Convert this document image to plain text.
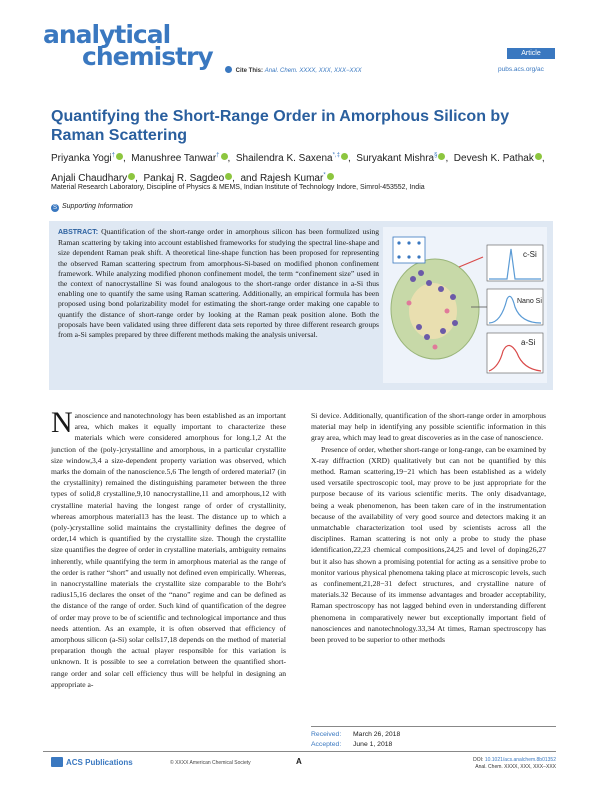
analytical
chemistry	Article
Cite This: Anal. Chem. XXXX, XXX, XXX−XXX	pubs.acs.org/ac
Quantifying the Short-Range Order in Amorphous Silicon by Raman Scattering
Priyanka Yogi† ,  Manushree Tanwar† ,  Shailendra K. Saxena*,‡ ,  Suryakant Mishra§ ,  Devesh K. Pathak ,
Anjali Chaudhary ,  Pankaj R. Sagdeo ,  and Rajesh Kumar*
Material Research Laboratory, Discipline of Physics & MEMS, Indian Institute of Technology Indore, Simrol-453552, India
S Supporting Information
ABSTRACT: Quantification of the short-range order in amorphous silicon has been formulized using Raman scattering by taking into account established frameworks for studying the spectral line-shape and size dependent Raman peak shift. A theoretical line-shape function has been proposed for representing the observed Raman scattering spectrum from amorphous-Si-based on modified phonon confinement framework. While analyzing modified phonon confinement model, the term “confinement size” used in the context of nanocrystalline Si was found analogous to the short-range order distance in a-Si thus enabling one to quantify the same using Raman scattering. Additionally, an empirical formula has been proposed using bond polarizability model for estimating the short-range order making one capable to quantify the distance of short-range order by looking at the Raman peak position alone. Both the proposals have been validated using three different data sets reported by three different research groups from a-Si samples prepared by three different methods making the analysis universal.
c-Si
Nano Si
a-Si

Nanoscience and nanotechnology has been established as an important area, which makes it equally important to characterize these materials which were considered amorphous for long.1,2 At the junction of the (poly-)crystalline and amorphous, in a particular crystallite size window,3,4 a size-dependent property variation was observed, which marks the domain of the nanoscience.5,6 The length of ordered material7 (in the crystallinity) remained the distinguishing parameter between the three types of solid,8 crystalline,9,10 nanocrystalline,11 and amorphous,12 with crystalline material having the longest range of order of crystallinity, whereas amorphous material13 has the least. The distance up to which a (poly-)crystalline solid maintains the crystallinity defines the degree of order,14 which is quantified by the crystallite size. Though the crystallite size quantifies the degree of order in crystalline materials, ambiguity remains inherently, while quantifying the term in amorphous material as the range of the order is rather “short” and usually not defined even empirically. Whereas, in nanocrystalline materials the crystallite size comparable to the Bohr's radius15,16 declares the onset of the “nano” regime and can be defined as the distance of the range of order. Such kind of quantification of the degree of order may prove to be of scientific and technological importance and thus needs attention. As an example, it is often observed that efficiency of amorphous silicon (a-Si) solar cells17,18 depends on the method of material preparation though the actual player responsible for this variation is unknown. It is possible to see a correlation between the quantified short-range order and solar cell efficiency thus will be helpful in designing an appropriate a-

Si device. Additionally, quantification of the short-range order in amorphous material may help in identifying any possible scientific information in this gray area, which may lead to great discoveries as in the case of nanoscience.

Presence of order, whether short-range or long-range, can be examined by X-ray diffraction (XRD) qualitatively but can not be quantified by this method. Raman scattering,19−21 which has been established as a widely used versatile spectroscopic tool, may prove to be just appropriate for the purpose because of its various scientific merits. The only disadvantage, being a weak phenomenon, has been taken care of in the instrumentation because of the availability of very good source and detectors making it an unmatchable characterization tool used by scientists across all the disciplines. Raman scattering is not only a probe to study the phase identification,22,23 chemical compositions,24,25 and level of doping26,27 but it also has shown a promising potential for acting as a sensitive probe to monitor various physical phenomena taking place at microscopic levels, such as confinement,21,28−31 defect structures, and crystalline nature of materials.32 Because of its immense advantages and broader acceptability, Raman spectroscopy has not lagged behind even in understanding different phenomena in comparatively newer but exceptionally important field of nanosciences and nanotechnology.33,34 At times, Raman spectroscopy has been proved to be superior to other methods

Received: March 26, 2018
Accepted: June 1, 2018
ACS Publications	© XXXX American Chemical Society	A	DOI: 10.1021/acs.analchem.8b01352
Anal. Chem. XXXX, XXX, XXX−XXX
